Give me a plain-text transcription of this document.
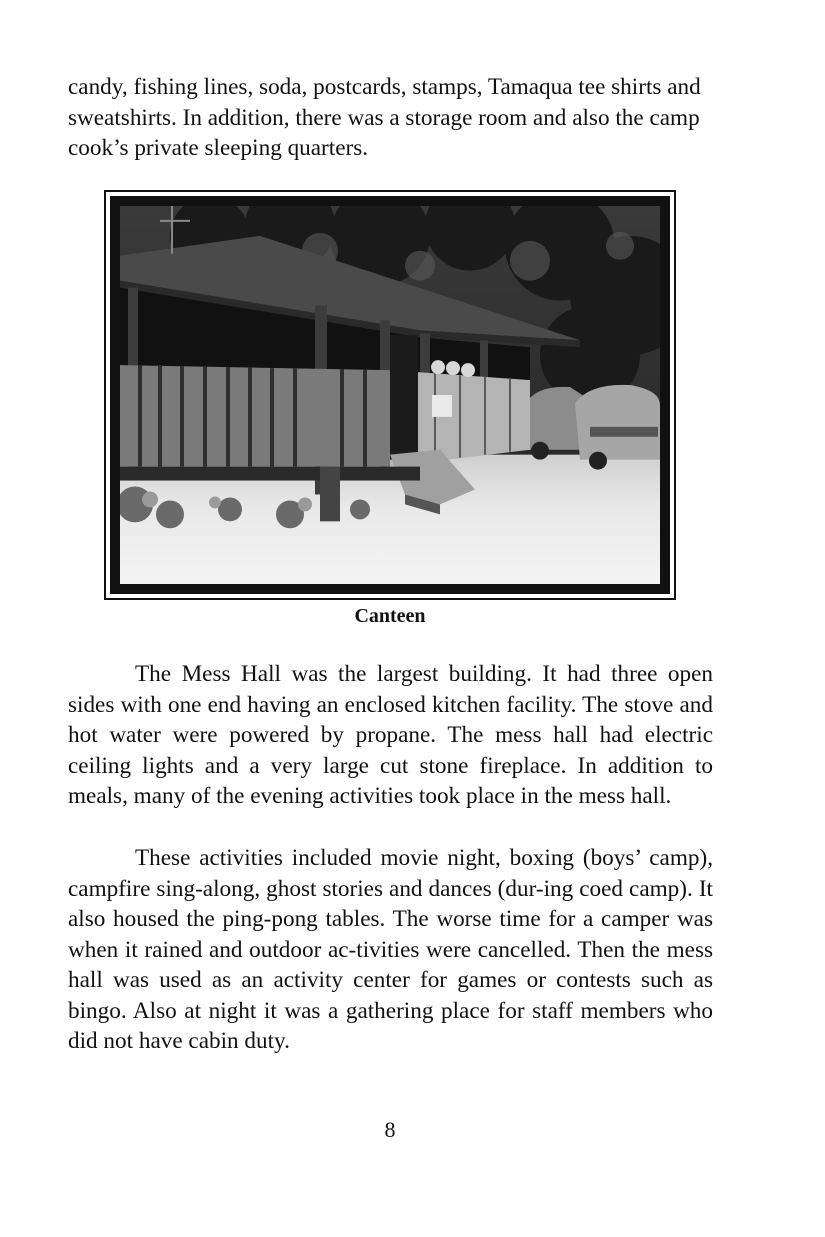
candy, fishing lines, soda, postcards, stamps, Tamaqua tee shirts and sweatshirts. In addition, there was a storage room and also the camp cook’s private sleeping quarters.

Canteen

The Mess Hall was the largest building. It had three open sides with one end having an enclosed kitchen facility. The stove and hot water were powered by propane. The mess hall had electric ceiling lights and a very large cut stone fireplace. In addition to meals, many of the evening activities took place in the mess hall.

These activities included movie night, boxing (boys’ camp), campfire sing-along, ghost stories and dances (dur-ing coed camp). It also housed the ping-pong tables. The worse time for a camper was when it rained and outdoor ac-tivities were cancelled. Then the mess hall was used as an activity center for games or contests such as bingo. Also at night it was a gathering place for staff members who did not have cabin duty.

8
